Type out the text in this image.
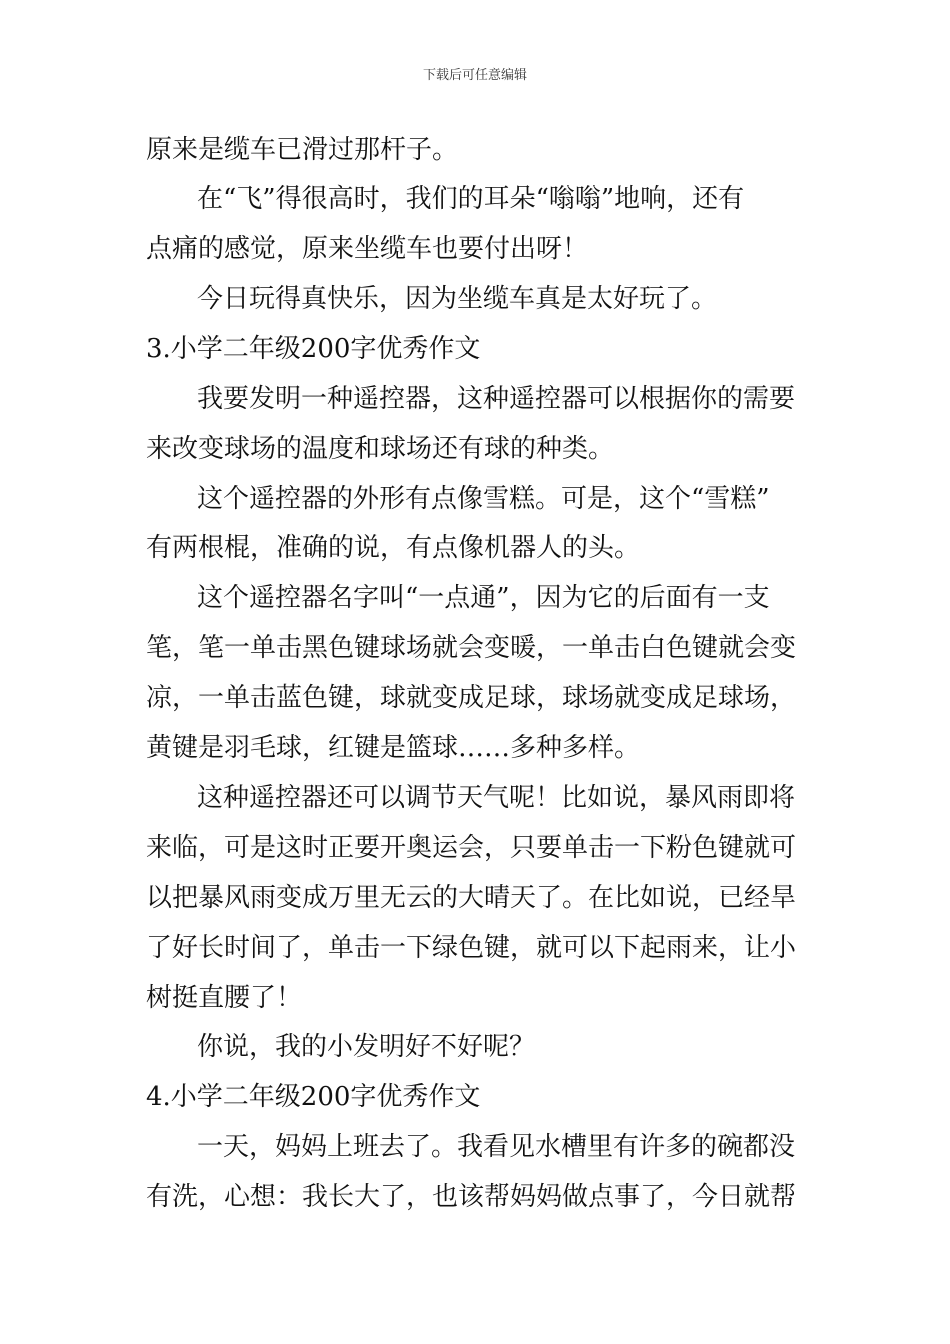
下载后可任意编辑
原来是缆车已滑过那杆子。
在“飞”得很高时，我们的耳朵“嗡嗡”地响，还有
点痛的感觉，原来坐缆车也要付出呀！
今日玩得真快乐，因为坐缆车真是太好玩了。
3.小学二年级200字优秀作文
我要发明一种遥控器，这种遥控器可以根据你的需要
来改变球场的温度和球场还有球的种类。
这个遥控器的外形有点像雪糕。可是，这个“雪糕”
有两根棍，准确的说，有点像机器人的头。
这个遥控器名字叫“一点通”，因为它的后面有一支
笔，笔一单击黑色键球场就会变暖，一单击白色键就会变
凉，一单击蓝色键，球就变成足球，球场就变成足球场，
黄键是羽毛球，红键是篮球……多种多样。
这种遥控器还可以调节天气呢！比如说，暴风雨即将
来临，可是这时正要开奥运会，只要单击一下粉色键就可
以把暴风雨变成万里无云的大晴天了。在比如说，已经旱
了好长时间了，单击一下绿色键，就可以下起雨来，让小
树挺直腰了！
你说，我的小发明好不好呢？
4.小学二年级200字优秀作文
一天，妈妈上班去了。我看见水槽里有许多的碗都没
有洗，心想：我长大了，也该帮妈妈做点事了，今日就帮
